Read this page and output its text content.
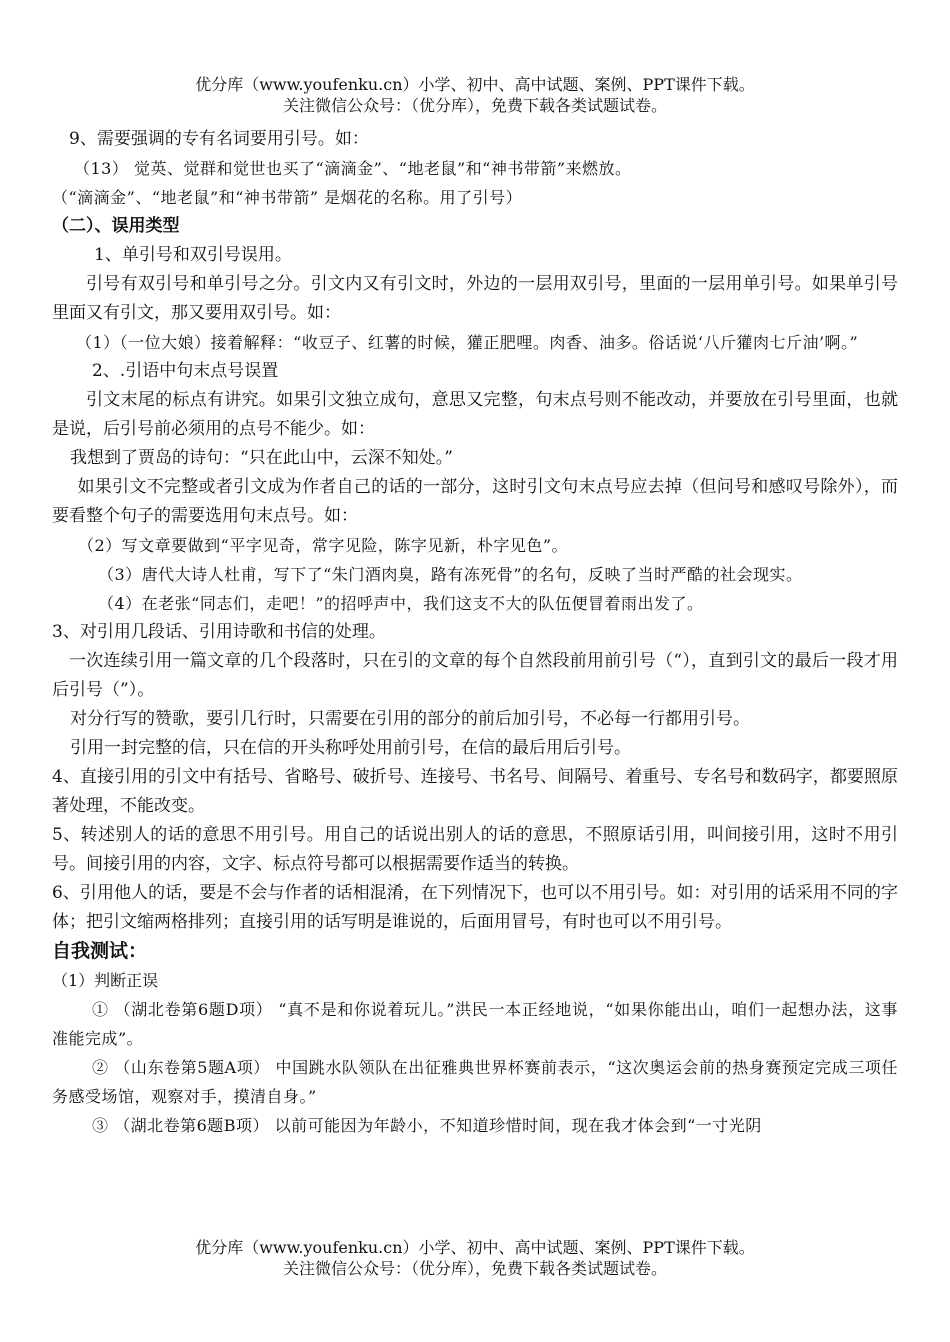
优分库（www.youfenku.cn）小学、初中、高中试题、案例、PPT课件下载。
关注微信公众号：（优分库），免费下载各类试题试卷。

9、需要强调的专有名词要用引号。如：

（13） 觉英、觉群和觉世也买了“滴滴金”、“地老鼠”和“神书带箭”来燃放。

（“滴滴金”、“地老鼠”和“神书带箭” 是烟花的名称。用了引号）

（二）、误用类型

1、单引号和双引号误用。

引号有双引号和单引号之分。引文内又有引文时，外边的一层用双引号，里面的一层用单引号。如果单引号里面又有引文，那又要用双引号。如：

（1）（一位大娘）接着解释：“收豆子、红薯的时候，獾正肥哩。肉香、油多。俗话说‘八斤獾肉七斤油’啊。”

2、.引语中句末点号误置

引文末尾的标点有讲究。如果引文独立成句，意思又完整，句末点号则不能改动，并要放在引号里面，也就是说，后引号前必须用的点号不能少。如：

我想到了贾岛的诗句：“只在此山中，云深不知处。”

如果引文不完整或者引文成为作者自己的话的一部分，这时引文句末点号应去掉（但问号和感叹号除外），而要看整个句子的需要选用句末点号。如：

（2）写文章要做到“平字见奇，常字见险，陈字见新，朴字见色”。

（3）唐代大诗人杜甫，写下了“朱门酒肉臭，路有冻死骨”的名句，反映了当时严酷的社会现实。

（4）在老张“同志们，走吧！”的招呼声中，我们这支不大的队伍便冒着雨出发了。

3、对引用几段话、引用诗歌和书信的处理。

一次连续引用一篇文章的几个段落时，只在引的文章的每个自然段前用前引号（“），直到引文的最后一段才用后引号（”）。

对分行写的赞歌，要引几行时，只需要在引用的部分的前后加引号，不必每一行都用引号。

引用一封完整的信，只在信的开头称呼处用前引号，在信的最后用后引号。

4、直接引用的引文中有括号、省略号、破折号、连接号、书名号、间隔号、着重号、专名号和数码字，都要照原著处理，不能改变。

5、转述别人的话的意思不用引号。用自己的话说出别人的话的意思，不照原话引用，叫间接引用，这时不用引号。间接引用的内容，文字、标点符号都可以根据需要作适当的转换。

6、引用他人的话，要是不会与作者的话相混淆，在下列情况下，也可以不用引号。如：对引用的话采用不同的字体；把引文缩两格排列；直接引用的话写明是谁说的，后面用冒号，有时也可以不用引号。

自我测试：

（1）判断正误

① （湖北卷第6题D项） “真不是和你说着玩儿。”洪民一本正经地说，“如果你能出山，咱们一起想办法，这事准能完成”。

② （山东卷第5题A项） 中国跳水队领队在出征雅典世界杯赛前表示，“这次奥运会前的热身赛预定完成三项任务感受场馆，观察对手，摸清自身。”

③ （湖北卷第6题B项） 以前可能因为年龄小，不知道珍惜时间，现在我才体会到“一寸光阴

优分库（www.youfenku.cn）小学、初中、高中试题、案例、PPT课件下载。
关注微信公众号：（优分库），免费下载各类试题试卷。
